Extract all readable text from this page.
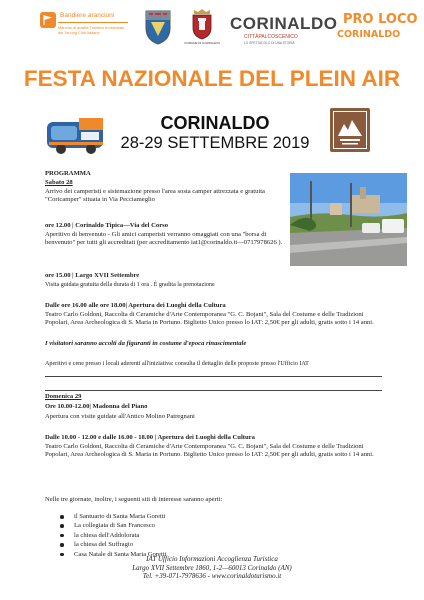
Bandiere arancioni
Marchio di qualità Turistico Ambientale del Touring Club Italiano
COMUNE DI CORINALDO
CORINALDO
CITTÀPALCOSCENICO
LO SPETTACOLO DI UNA STORIA
PRO LOCO
CORINALDO
FESTA NAZIONALE DEL PLEIN AIR
CORINALDO
28-29 SETTEMBRE 2019
PROGRAMMA
Sabato 28
Arrivo dei camperisti e sistemazione presso l'area sosta camper attrezzata e gratuita "Coricamper" situata in Via Pecciameglio
ore 12.00 | Corinaldo Tipica—Via del Corso
Aperitivo di benvenuto - Gli amici camperisti verranno omaggiati con una "borsa di benvenuto" per tutti gli accreditati (per accreditamento iat1@corinaldo.it—0717978626 ).
ore 15.00 | Largo XVII Settembre
Visita guidata gratuita della durata di 1 ora . È gradita la prenotazione
Dalle ore 16.00 alle ore 18.00| Apertura dei Luoghi della Cultura
Teatro Carlo Goldoni, Raccolta di Ceramiche d'Arte Contemporanea "G. C. Bojani", Sala del Costume e delle Tradizioni Popolari, Area Archeologica di S. Maria in Portuno. Biglietto Unico presso lo IAT: 2,50€ per gli adulti, gratis sotto i 14 anni.
I visitatori saranno accolti da figuranti in costume d'epoca rinascimentale
Aperitivi e cene presso i locali aderenti all'iniziativa: consulta il dettaglio delle proposte presso l'Ufficio IAT
Domenica 29
Ore 10.00-12.00| Madonna del Piano
Apertura con visite guidate all'Antico Molino Patregnani
Dalle 10.00 - 12.00 e dalle 16.00 - 18.00 | Apertura dei Luoghi della Cultura
Teatro Carlo Goldoni, Raccolta di Ceramiche d'Arte Contemporanea "G. C. Bojani", Sala del Costume e delle Tradizioni Popolari, Area Archeologica di S. Maria in Portuno. Biglietto Unico presso lo IAT: 2,50€ per gli adulti, gratis sotto i 14 anni.
Nelle tre giornate, inoltre, i seguenti siti di interesse saranno aperti:
il Santuario di Santa Maria Goretti
La collegiata di San Francesco
la chiesa dell'Addolorata
la chiesa del Suffragio
Casa Natale di Santa Maria Goretti
IAT Ufficio Informazioni Accoglienza Turistica
Largo XVII Settembre 1860, 1-2—60013 Corinaldo (AN)
Tel. +39-071-7978636 - www.corinaldoturismo.it
